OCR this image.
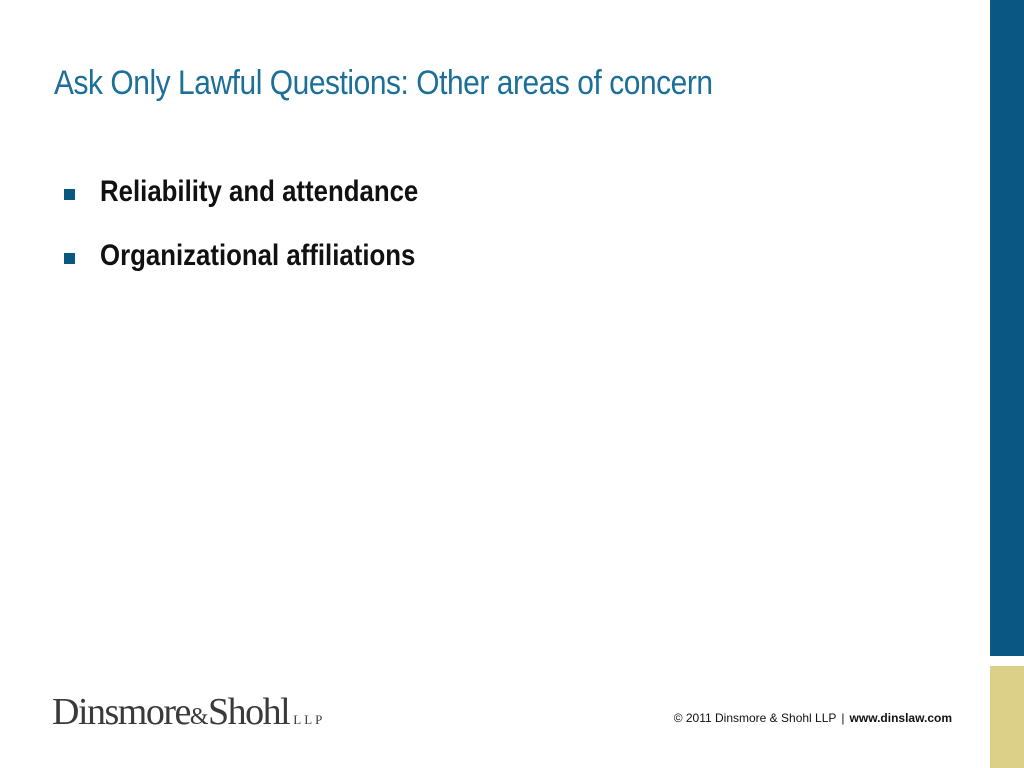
Ask Only Lawful Questions: Other areas of concern
Reliability and attendance
Organizational affiliations
Dinsmore&Shohl LLP	© 2011 Dinsmore & Shohl LLP | www.dinslaw.com
